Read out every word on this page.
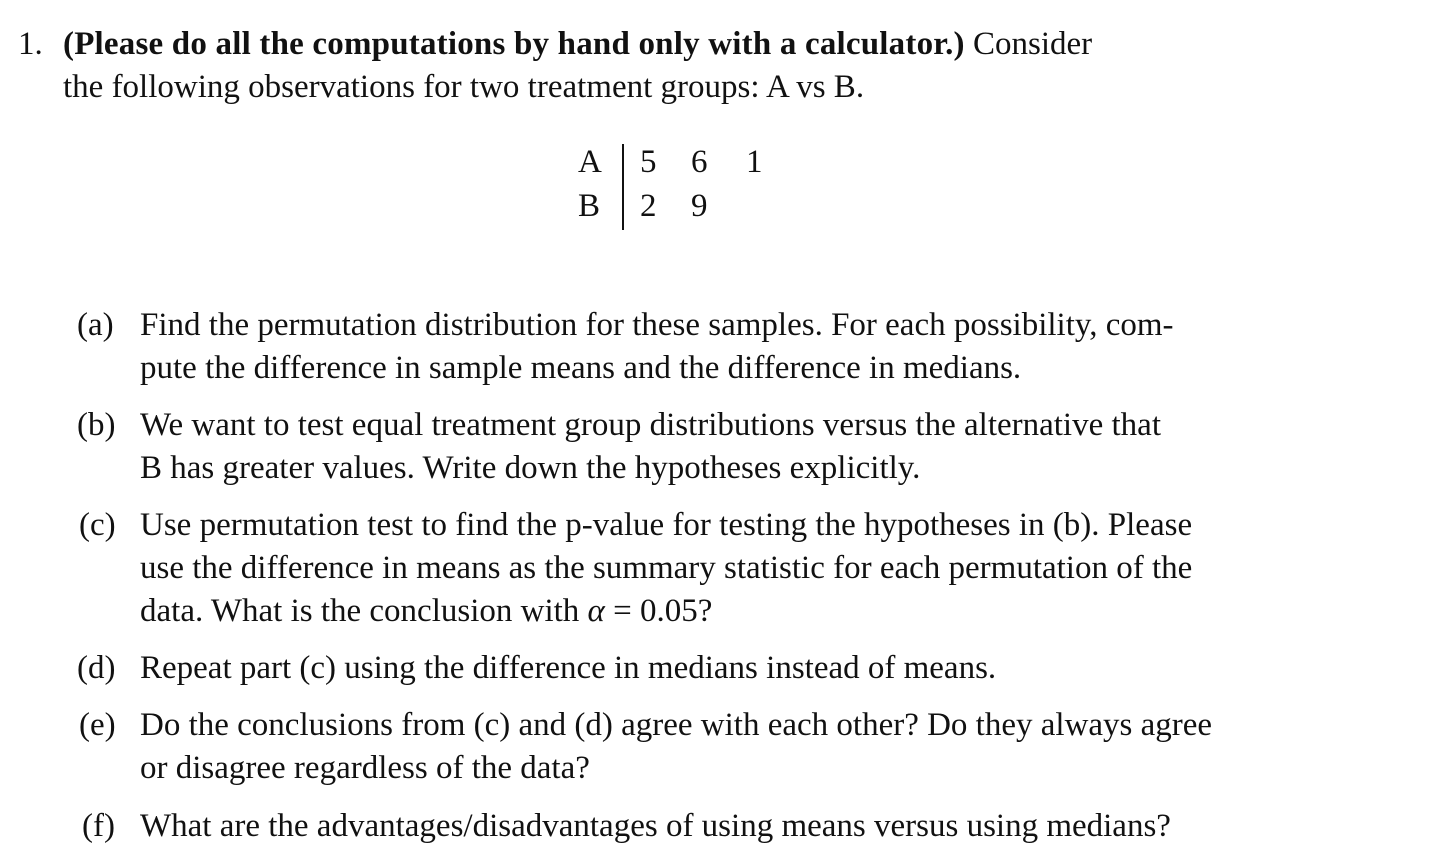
1. (Please do all the computations by hand only with a calculator.) Consider
the following observations for two treatment groups: A vs B.
A 5 6 1
B 2 9
(a) Find the permutation distribution for these samples. For each possibility, com-
pute the difference in sample means and the difference in medians.
(b) We want to test equal treatment group distributions versus the alternative that
B has greater values. Write down the hypotheses explicitly.
(c) Use permutation test to find the p-value for testing the hypotheses in (b). Please
use the difference in means as the summary statistic for each permutation of the
data. What is the conclusion with α = 0.05?
(d) Repeat part (c) using the difference in medians instead of means.
(e) Do the conclusions from (c) and (d) agree with each other? Do they always agree
or disagree regardless of the data?
(f) What are the advantages/disadvantages of using means versus using medians?
